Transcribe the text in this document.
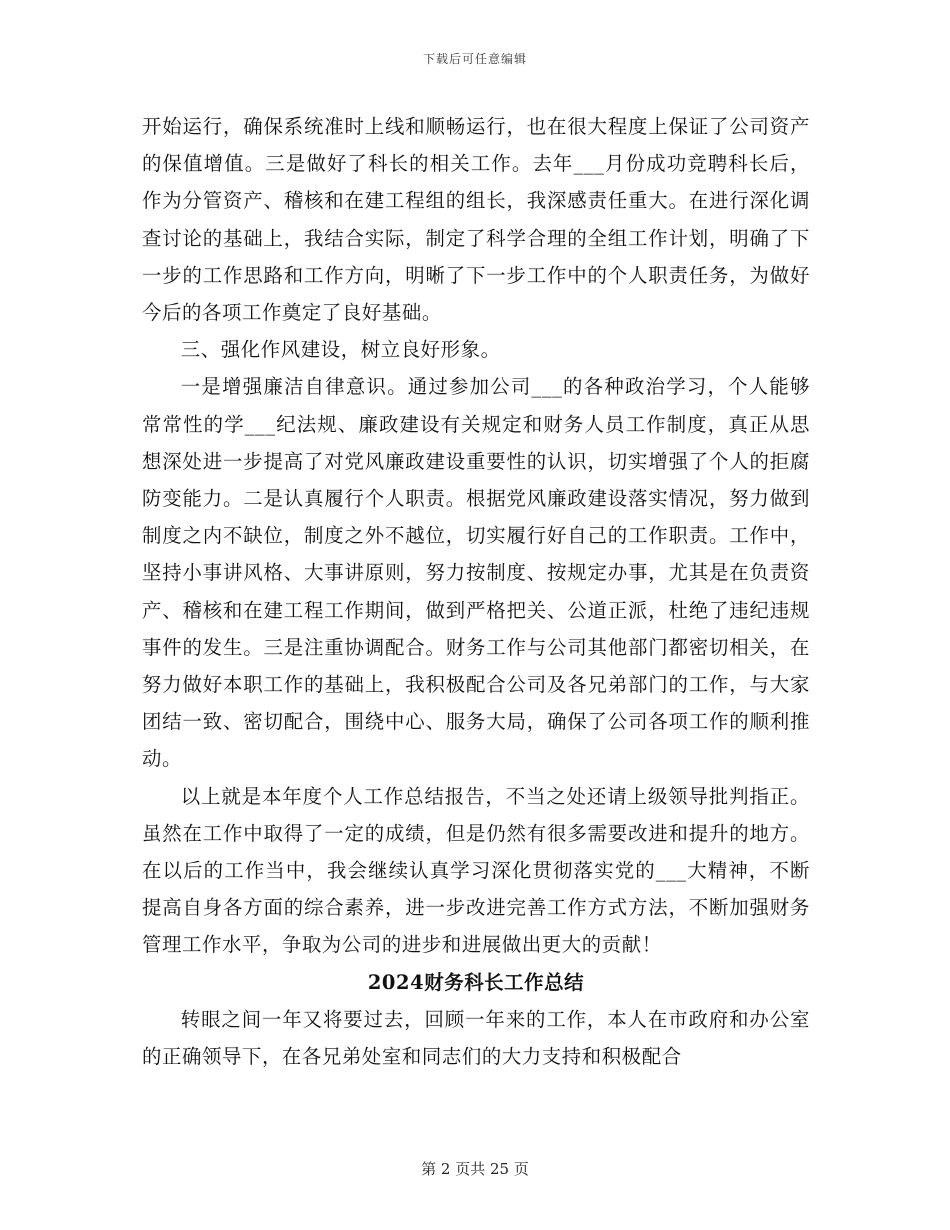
下载后可任意编辑

开始运行，确保系统准时上线和顺畅运行，也在很大程度上保证了公司资产的保值增值。三是做好了科长的相关工作。去年___月份成功竞聘科长后，作为分管资产、稽核和在建工程组的组长，我深感责任重大。在进行深化调查讨论的基础上，我结合实际，制定了科学合理的全组工作计划，明确了下一步的工作思路和工作方向，明晰了下一步工作中的个人职责任务，为做好今后的各项工作奠定了良好基础。

三、强化作风建设，树立良好形象。

一是增强廉洁自律意识。通过参加公司___的各种政治学习，个人能够常常性的学___纪法规、廉政建设有关规定和财务人员工作制度，真正从思想深处进一步提高了对党风廉政建设重要性的认识，切实增强了个人的拒腐防变能力。二是认真履行个人职责。根据党风廉政建设落实情况，努力做到制度之内不缺位，制度之外不越位，切实履行好自己的工作职责。工作中，坚持小事讲风格、大事讲原则，努力按制度、按规定办事，尤其是在负责资产、稽核和在建工程工作期间，做到严格把关、公道正派，杜绝了违纪违规事件的发生。三是注重协调配合。财务工作与公司其他部门都密切相关，在努力做好本职工作的基础上，我积极配合公司及各兄弟部门的工作，与大家团结一致、密切配合，围绕中心、服务大局，确保了公司各项工作的顺利推动。

以上就是本年度个人工作总结报告，不当之处还请上级领导批判指正。虽然在工作中取得了一定的成绩，但是仍然有很多需要改进和提升的地方。在以后的工作当中，我会继续认真学习深化贯彻落实党的___大精神，不断提高自身各方面的综合素养，进一步改进完善工作方式方法，不断加强财务管理工作水平，争取为公司的进步和进展做出更大的贡献！

2024财务科长工作总结

转眼之间一年又将要过去，回顾一年来的工作，本人在市政府和办公室的正确领导下，在各兄弟处室和同志们的大力支持和积极配合

第 2 页共 25 页
